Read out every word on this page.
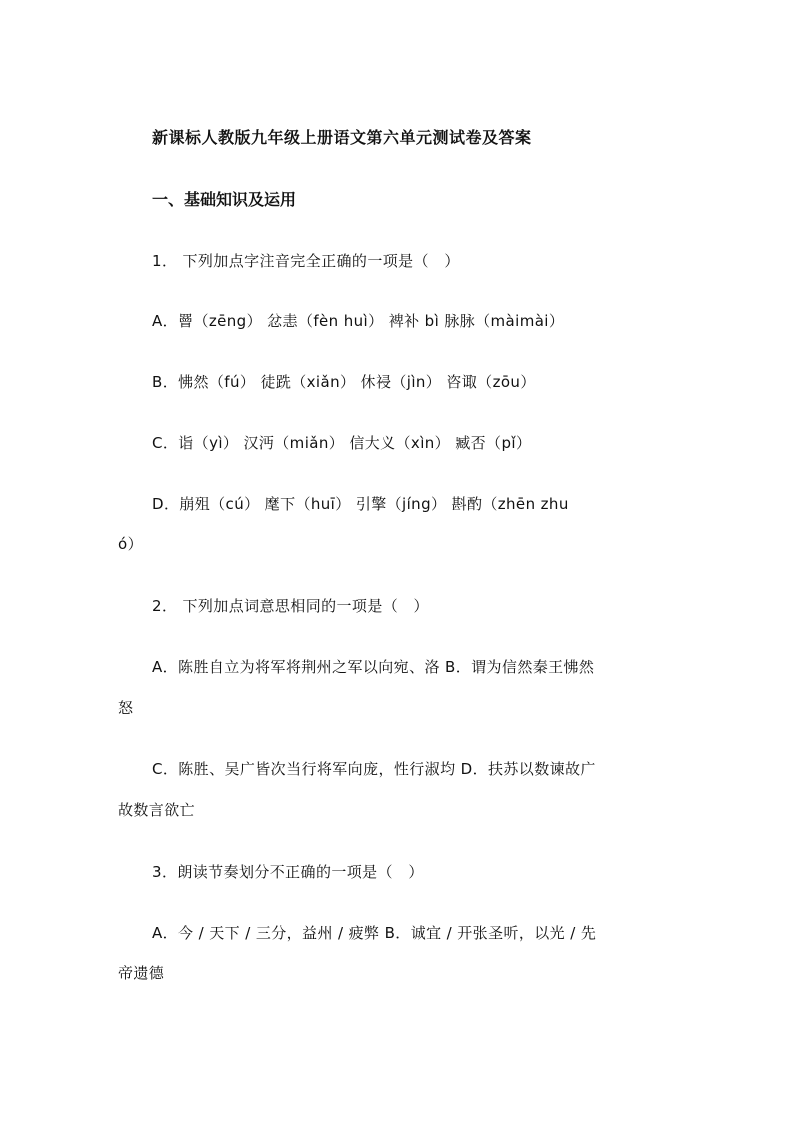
新课标人教版九年级上册语文第六单元测试卷及答案
一、基础知识及运用
1． 下列加点字注音完全正确的一项是（　）
A．罾（zēng） 忿恚（fèn huì） 裨补 bì 脉脉（màimài）
B．怫然（fú） 徒跣（xiǎn） 休祲（jìn） 咨诹（zōu）
C．诣（yì） 汉沔（miǎn） 信大义（xìn） 臧否（pǐ）
D．崩殂（cú） 麾下（huī） 引擎（jíng） 斟酌（zhēn zhu
ó）
2． 下列加点词意思相同的一项是（　）
A．陈胜自立为将军将荆州之军以向宛、洛 B．谓为信然秦王怫然
怒
C．陈胜、吴广皆次当行将军向庞，性行淑均 D．扶苏以数谏故广
故数言欲亡
3．朗读节奏划分不正确的一项是（　）
A．今 / 天下 / 三分，益州 / 疲弊 B．诚宜 / 开张圣听，以光 / 先
帝遗德
